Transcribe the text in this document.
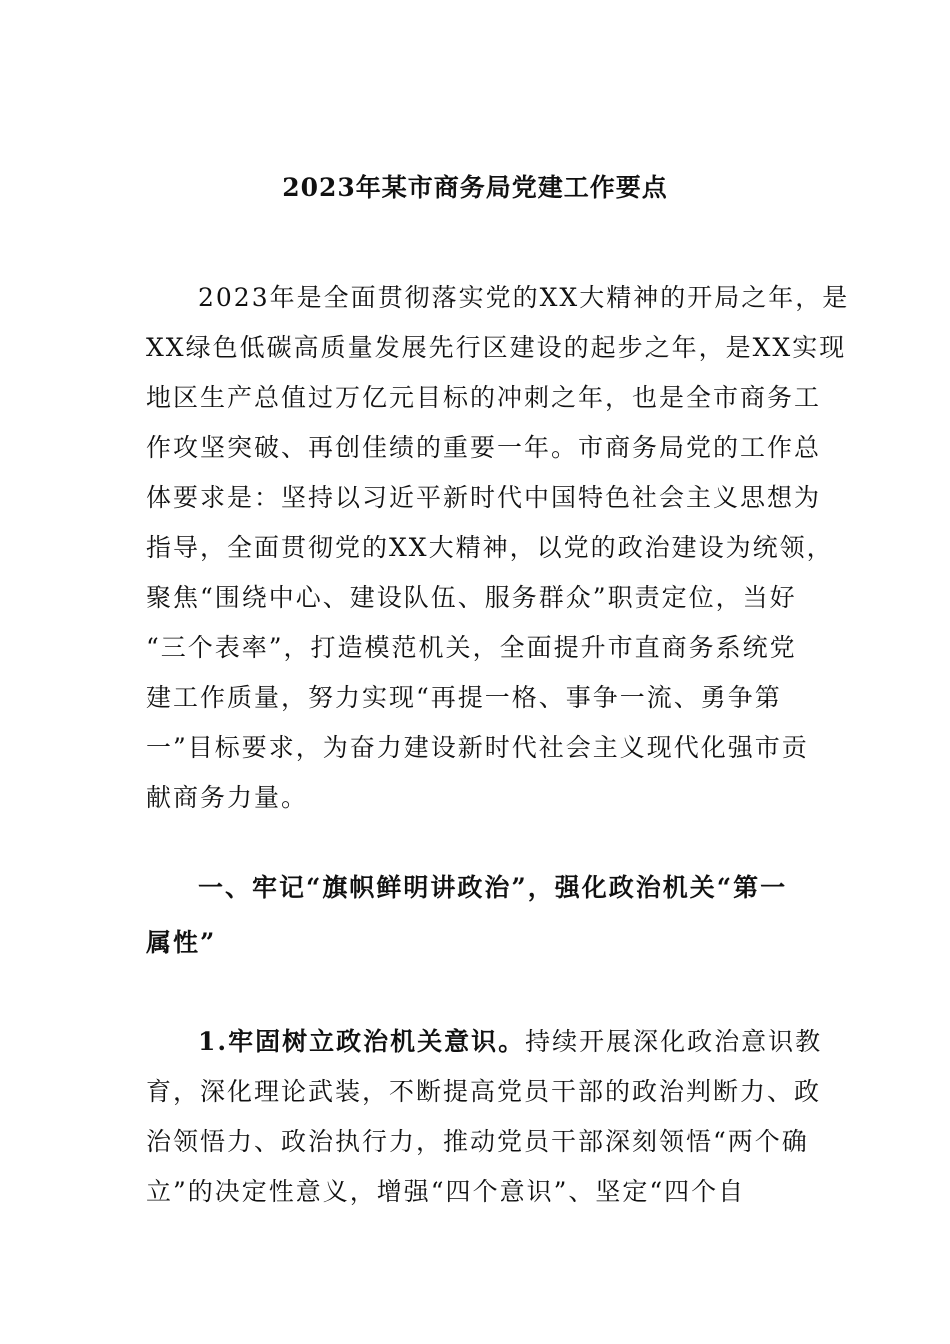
2023年某市商务局党建工作要点
2023年是全面贯彻落实党的XX大精神的开局之年，是
XX绿色低碳高质量发展先行区建设的起步之年，是XX实现
地区生产总值过万亿元目标的冲刺之年，也是全市商务工
作攻坚突破、再创佳绩的重要一年。市商务局党的工作总
体要求是：坚持以习近平新时代中国特色社会主义思想为
指导，全面贯彻党的XX大精神，以党的政治建设为统领，
聚焦“围绕中心、建设队伍、服务群众”职责定位，当好
“三个表率”，打造模范机关，全面提升市直商务系统党
建工作质量，努力实现“再提一格、事争一流、勇争第
一”目标要求，为奋力建设新时代社会主义现代化强市贡
献商务力量。
一、牢记“旗帜鲜明讲政治”，强化政治机关“第一
属性”
1.牢固树立政治机关意识。持续开展深化政治意识教
育，深化理论武装，不断提高党员干部的政治判断力、政
治领悟力、政治执行力，推动党员干部深刻领悟“两个确
立”的决定性意义，增强“四个意识”、坚定“四个自
